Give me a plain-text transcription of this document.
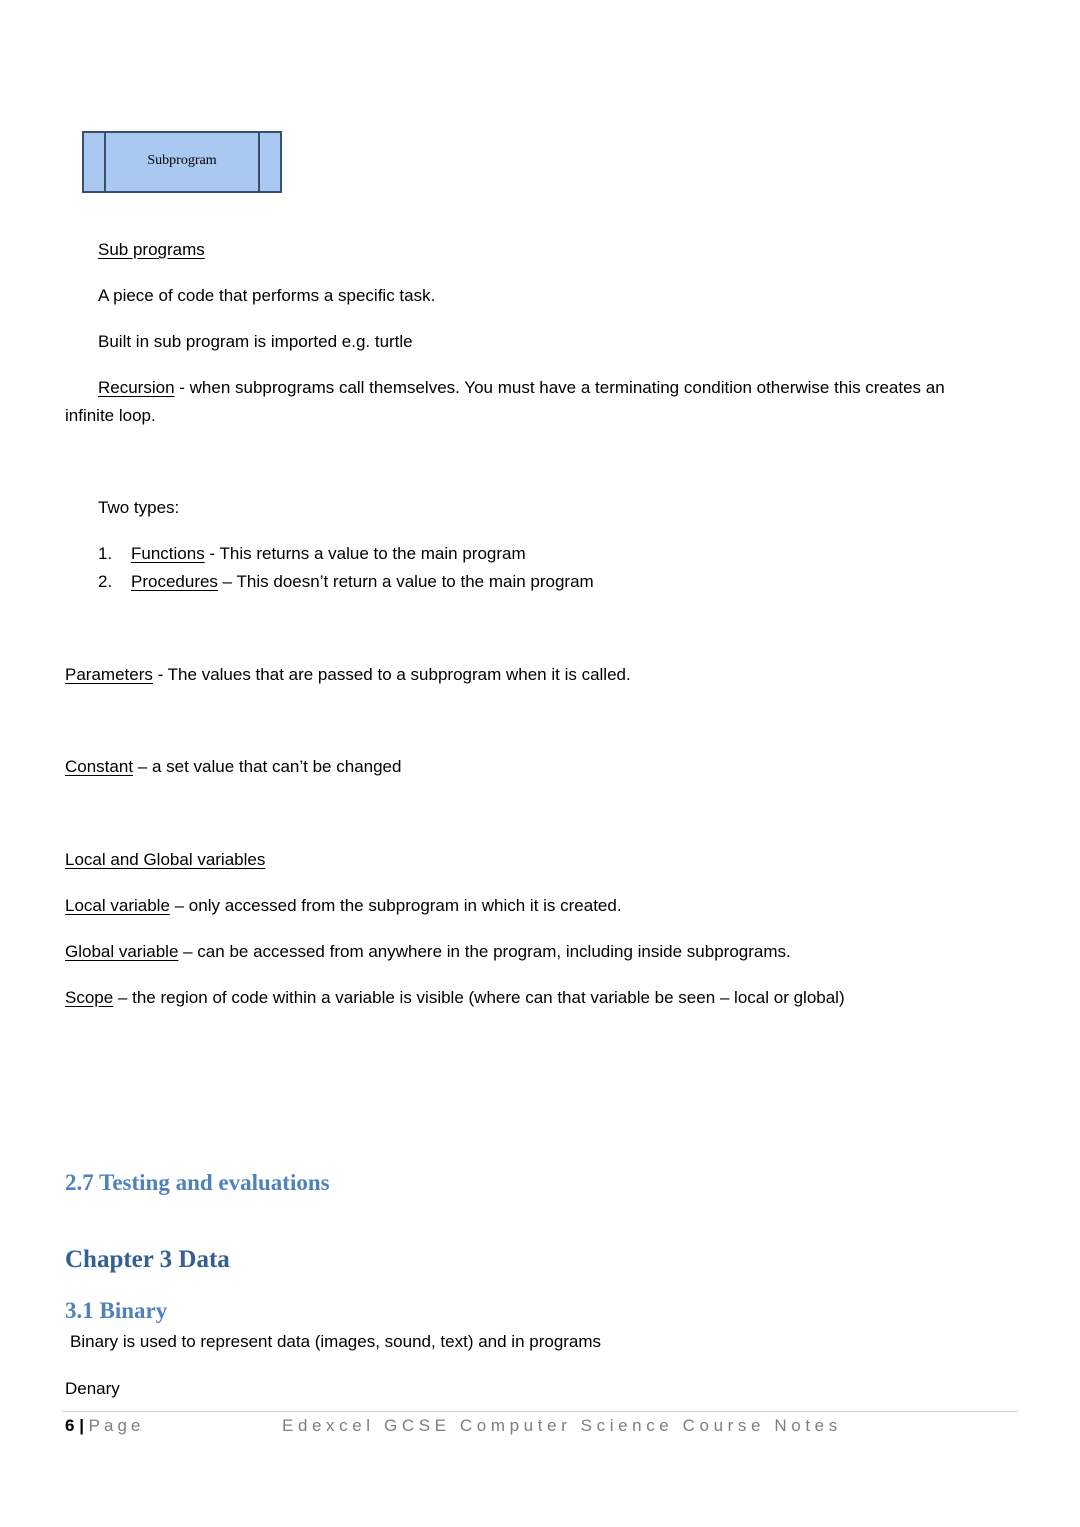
Subprogram
Sub programs
A piece of code that performs a specific task.
Built in sub program is imported e.g. turtle
Recursion - when subprograms call themselves. You must have a terminating condition otherwise this creates an
infinite loop.
Two types:
1. Functions - This returns a value to the main program
2. Procedures – This doesn’t return a value to the main program
Parameters - The values that are passed to a subprogram when it is called.
Constant – a set value that can’t be changed
Local and Global variables
Local variable – only accessed from the subprogram in which it is created.
Global variable – can be accessed from anywhere in the program, including inside subprograms.
Scope – the region of code within a variable is visible (where can that variable be seen – local or global)
2.7 Testing and evaluations
Chapter 3 Data
3.1 Binary
Binary is used to represent data (images, sound, text) and in programs
Denary
6 | Page	Edexcel GCSE Computer Science Course Notes
